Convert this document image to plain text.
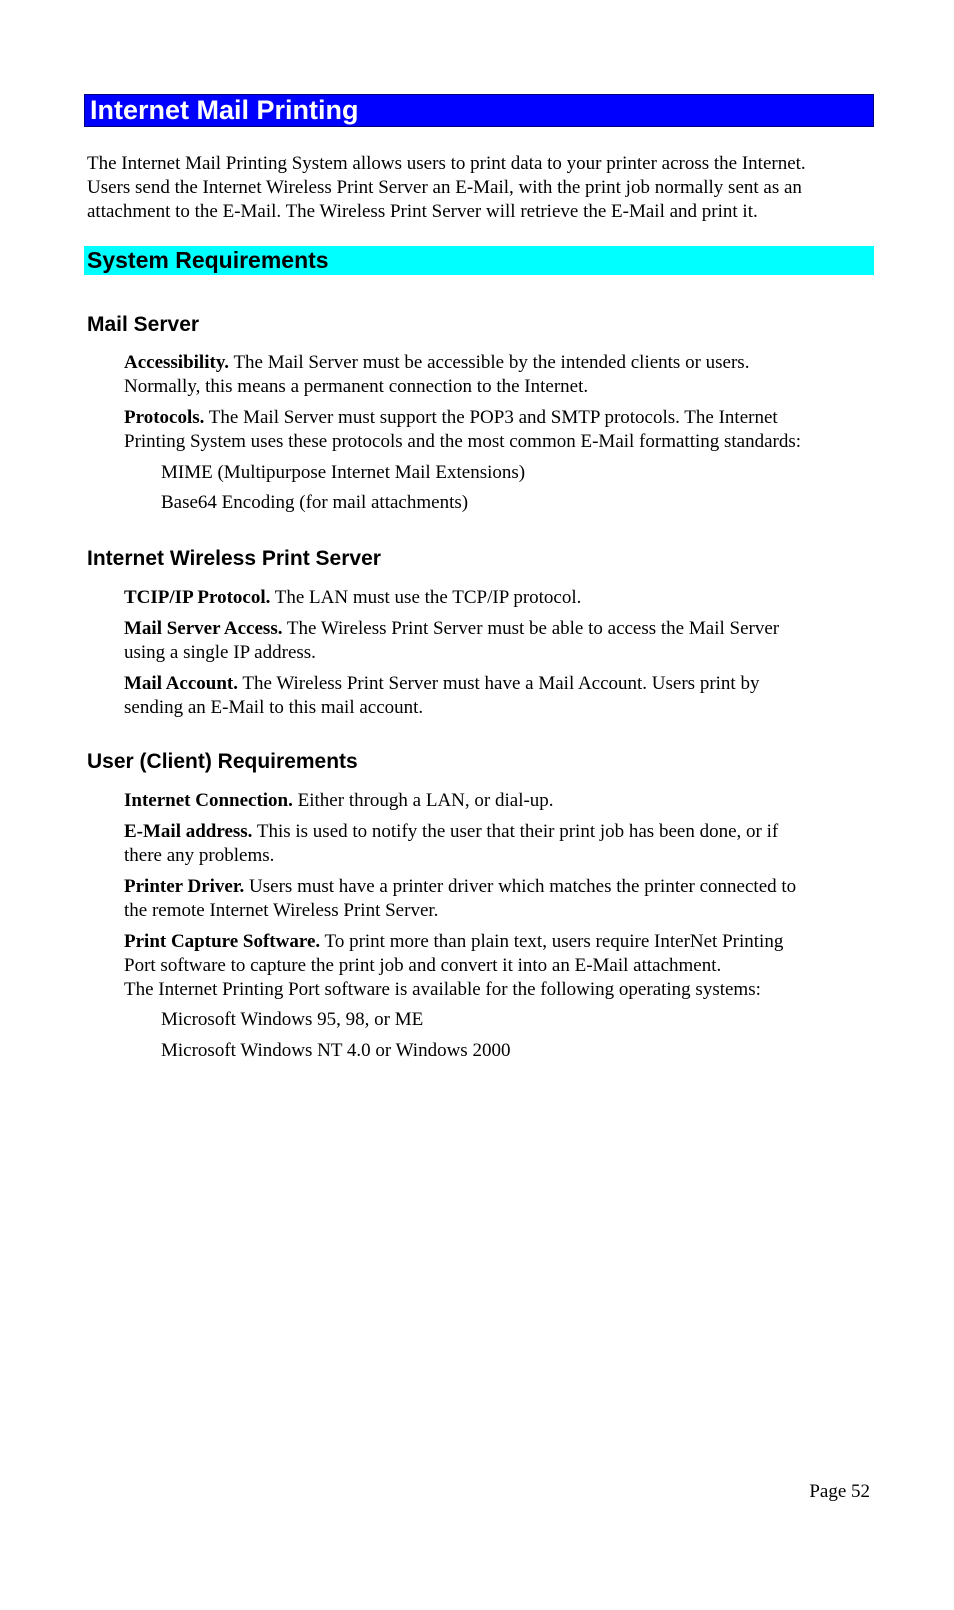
Internet Mail Printing

The Internet Mail Printing System allows users to print data to your printer across the Internet.
Users send the Internet Wireless Print Server an E-Mail, with the print job normally sent as an
attachment to the E-Mail. The Wireless Print Server will retrieve the E-Mail and print it.

System Requirements
Mail Server

Accessibility. The Mail Server must be accessible by the intended clients or users.
Normally, this means a permanent connection to the Internet.

Protocols. The Mail Server must support the POP3 and SMTP protocols. The Internet
Printing System uses these protocols and the most common E-Mail formatting standards:

MIME (Multipurpose Internet Mail Extensions)

Base64 Encoding (for mail attachments)

Internet Wireless Print Server

TCIP/IP Protocol. The LAN must use the TCP/IP protocol.

Mail Server Access. The Wireless Print Server must be able to access the Mail Server
using a single IP address.

Mail Account. The Wireless Print Server must have a Mail Account. Users print by
sending an E-Mail to this mail account.

User (Client) Requirements

Internet Connection. Either through a LAN, or dial-up.

E-Mail address. This is used to notify the user that their print job has been done, or if
there any problems.

Printer Driver. Users must have a printer driver which matches the printer connected to
the remote Internet Wireless Print Server.

Print Capture Software. To print more than plain text, users require InterNet Printing
Port software to capture the print job and convert it into an E-Mail attachment.
The Internet Printing Port software is available for the following operating systems:

Microsoft Windows 95, 98, or ME

Microsoft Windows NT 4.0 or Windows 2000

Page 52
